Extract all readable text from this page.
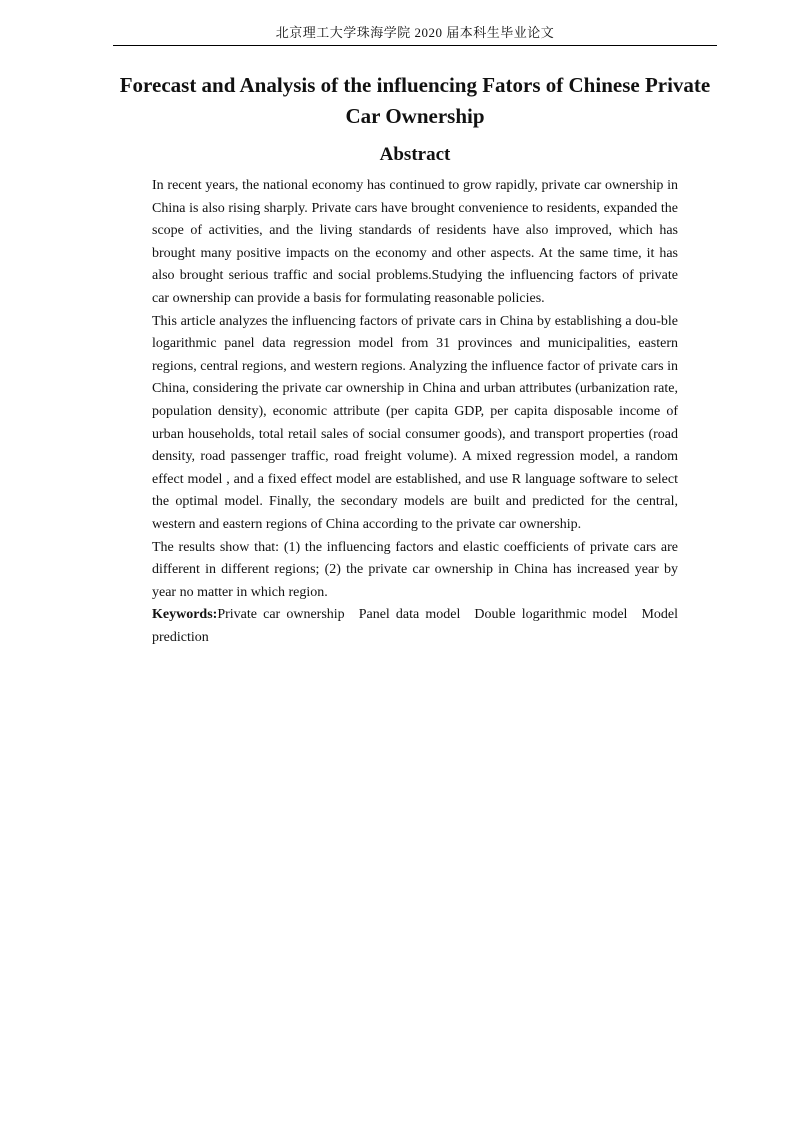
北京理工大学珠海学院 2020 届本科生毕业论文
Forecast and Analysis of the influencing Fators of Chinese Private
Car Ownership
Abstract

In recent years, the national economy has continued to grow rapidly, private car ownership in China is also rising sharply. Private cars have brought convenience to residents, expanded the scope of activities, and the living standards of residents have also improved, which has brought many positive impacts on the economy and other aspects. At the same time, it has also brought serious traffic and social problems.Studying the influencing factors of private car ownership can provide a basis for formulating reasonable policies.

This article analyzes the influencing factors of private cars in China by establishing a dou-ble logarithmic panel data regression model from 31 provinces and municipalities, eastern regions, central regions, and western regions. Analyzing the influence factor of private cars in China, considering the private car ownership in China and urban attributes (urbanization rate, population density), economic attribute (per capita GDP, per capita disposable income of urban households, total retail sales of social consumer goods), and transport properties (road density, road passenger traffic, road freight volume). A mixed regression model, a random effect model , and a fixed effect model are established, and use R language software to select the optimal model. Finally, the secondary models are built and predicted for the central, western and eastern regions of China according to the private car ownership.

The results show that: (1) the influencing factors and elastic coefficients of private cars are different in different regions; (2) the private car ownership in China has increased year by year no matter in which region.

Keywords:Private car ownership Panel data model Double logarithmic model Model prediction
